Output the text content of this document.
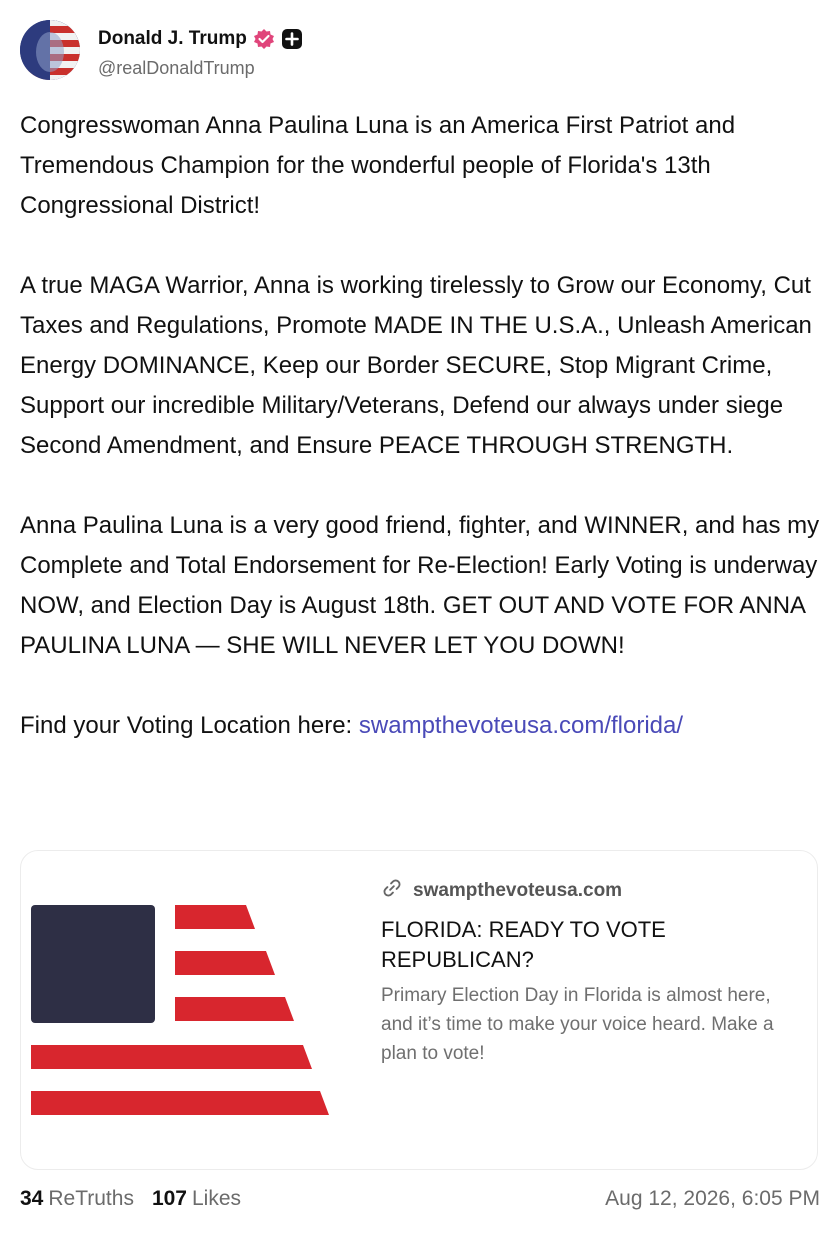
Donald J. Trump
@realDonaldTrump

Congresswoman Anna Paulina Luna is an America First Patriot and Tremendous Champion for the wonderful people of Florida's 13th Congressional District!

A true MAGA Warrior, Anna is working tirelessly to Grow our Economy, Cut Taxes and Regulations, Promote MADE IN THE U.S.A., Unleash American Energy DOMINANCE, Keep our Border SECURE, Stop Migrant Crime, Support our incredible Military/Veterans, Defend our always under siege Second Amendment, and Ensure PEACE THROUGH STRENGTH.

Anna Paulina Luna is a very good friend, fighter, and WINNER, and has my Complete and Total Endorsement for Re-Election! Early Voting is underway NOW, and Election Day is August 18th. GET OUT AND VOTE FOR ANNA PAULINA LUNA — SHE WILL NEVER LET YOU DOWN!

Find your Voting Location here: swampthevoteusa.com/florida/

swampthevoteusa.com
FLORIDA: READY TO VOTE REPUBLICAN?
Primary Election Day in Florida is almost here, and it’s time to make your voice heard. Make a plan to vote!
34 ReTruths 107 Likes	Aug 12, 2026, 6:05 PM
